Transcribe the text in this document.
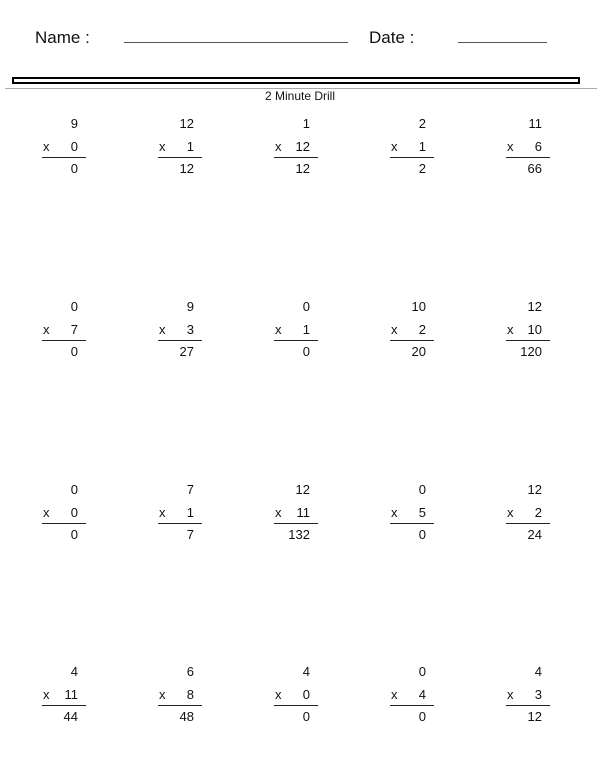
Name :	Date :
2 Minute Drill
9
x 0
0
12
x 1
12
1
x 12
12
2
x 1
2
11
x 6
66
0
x 7
0
9
x 3
27
0
x 1
0
10
x 2
20
12
x 10
120
0
x 0
0
7
x 1
7
12
x 11
132
0
x 5
0
12
x 2
24
4
x 11
44
6
x 8
48
4
x 0
0
0
x 4
0
4
x 3
12
